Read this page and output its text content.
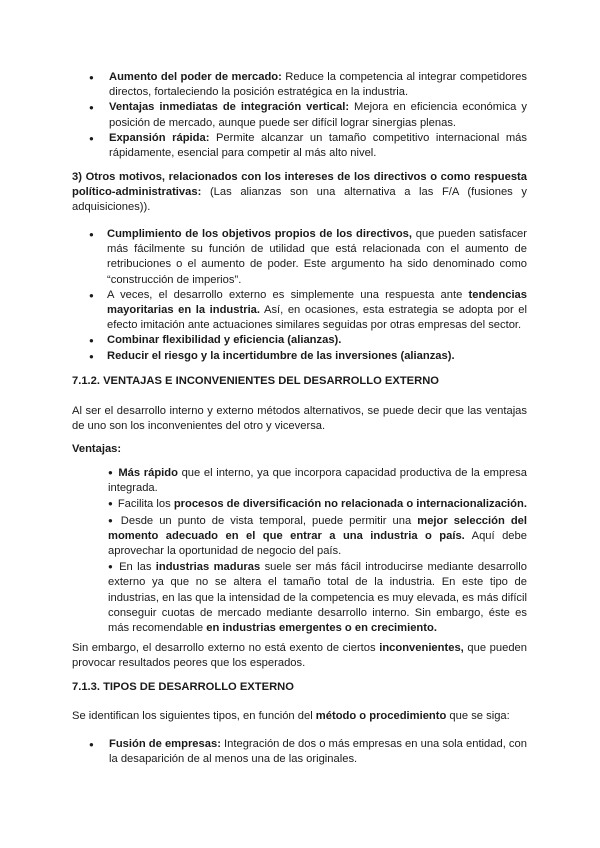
● Aumento del poder de mercado: Reduce la competencia al integrar competidores directos, fortaleciendo la posición estratégica en la industria.
● Ventajas inmediatas de integración vertical: Mejora en eficiencia económica y posición de mercado, aunque puede ser difícil lograr sinergias plenas.
● Expansión rápida: Permite alcanzar un tamaño competitivo internacional más rápidamente, esencial para competir al más alto nivel.

3) Otros motivos, relacionados con los intereses de los directivos o como respuesta político-administrativas: (Las alianzas son una alternativa a las F/A (fusiones y adquisiciones)).

● Cumplimiento de los objetivos propios de los directivos, que pueden satisfacer más fácilmente su función de utilidad que está relacionada con el aumento de retribuciones o el aumento de poder. Este argumento ha sido denominado como “construcción de imperios”.
● A veces, el desarrollo externo es simplemente una respuesta ante tendencias mayoritarias en la industria. Así, en ocasiones, esta estrategia se adopta por el efecto imitación ante actuaciones similares seguidas por otras empresas del sector.
● Combinar flexibilidad y eficiencia (alianzas).
● Reducir el riesgo y la incertidumbre de las inversiones (alianzas).
7.1.2. VENTAJAS E INCONVENIENTES DEL DESARROLLO EXTERNO

Al ser el desarrollo interno y externo métodos alternativos, se puede decir que las ventajas de uno son los inconvenientes del otro y viceversa.

Ventajas:
● Más rápido que el interno, ya que incorpora capacidad productiva de la empresa integrada.
● Facilita los procesos de diversificación no relacionada o internacionalización.
● Desde un punto de vista temporal, puede permitir una mejor selección del momento adecuado en el que entrar a una industria o país. Aquí debe aprovechar la oportunidad de negocio del país.
● En las industrias maduras suele ser más fácil introducirse mediante desarrollo externo ya que no se altera el tamaño total de la industria. En este tipo de industrias, en las que la intensidad de la competencia es muy elevada, es más difícil conseguir cuotas de mercado mediante desarrollo interno. Sin embargo, éste es más recomendable en industrias emergentes o en crecimiento.

Sin embargo, el desarrollo externo no está exento de ciertos inconvenientes, que pueden provocar resultados peores que los esperados.

7.1.3. TIPOS DE DESARROLLO EXTERNO

Se identifican los siguientes tipos, en función del método o procedimiento que se siga:

● Fusión de empresas: Integración de dos o más empresas en una sola entidad, con la desaparición de al menos una de las originales.
